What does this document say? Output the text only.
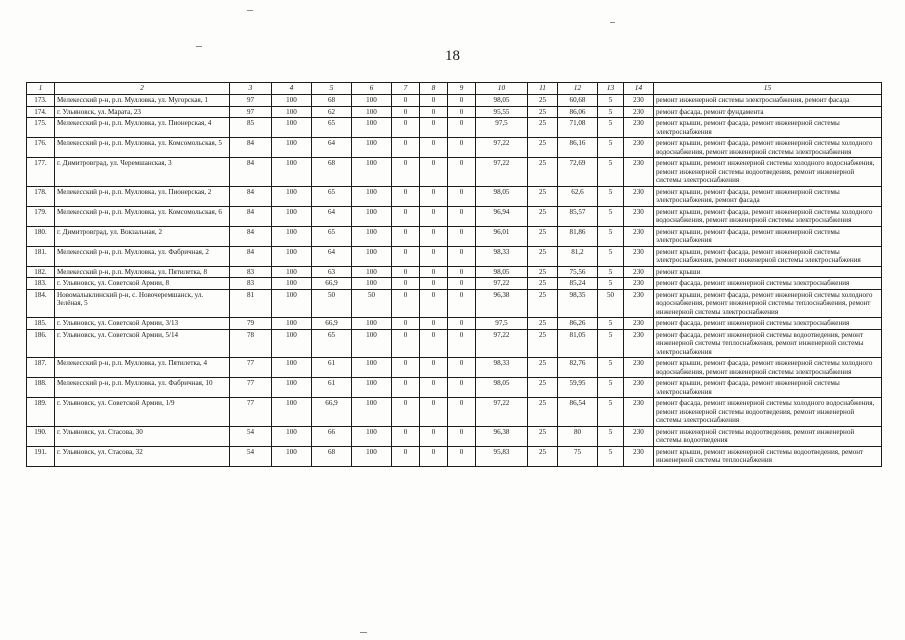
18
1	2	3	4	5	6	7	8	9	10	11	12	13	14	15
173.	Мелекесский р-н, р.п. Мулловка, ул. Мугорская, 1	97	100	68	100	0	0	0	98,05	25	60,68	5	230	ремонт инженерной системы электроснабжения, ремонт фасада
174.	г. Ульяновск, ул. Марата, 23	97	100	62	100	0	0	0	95,55	25	86,06	5	230	ремонт фасада, ремонт фундамента
175.	Мелекесский р-н, р.п. Мулловка, ул. Пионерская, 4	85	100	65	100	0	0	0	97,5	25	71,08	5	230	ремонт крыши, ремонт фасада, ремонт инженерной системы электроснабжения
176.	Мелекесский р-н, р.п. Мулловка, ул. Комсомольская, 5	84	100	64	100	0	0	0	97,22	25	86,16	5	230	ремонт крыши, ремонт фасада, ремонт инженерной системы холодного водоснабжения, ремонт инженерной системы электроснабжения
177.	г. Димитровград, ул. Черемшанская, 3	84	100	68	100	0	0	0	97,22	25	72,69	5	230	ремонт крыши, ремонт инженерной системы холодного водоснабжения, ремонт инженерной системы водоотведения, ремонт инженерной системы электроснабжения
178.	Мелекесский р-н, р.п. Мулловка, ул. Пионерская, 2	84	100	65	100	0	0	0	98,05	25	62,6	5	230	ремонт крыши, ремонт фасада, ремонт инженерной системы электроснабжения, ремонт фасада
179.	Мелекесский р-н, р.п. Мулловка, ул. Комсомольская, 6	84	100	64	100	0	0	0	96,94	25	85,57	5	230	ремонт крыши, ремонт фасада, ремонт инженерной системы холодного водоснабжения, ремонт инженерной системы электроснабжения
180.	г. Димитровград, ул. Вокзальная, 2	84	100	65	100	0	0	0	96,01	25	81,86	5	230	ремонт крыши, ремонт фасада, ремонт инженерной системы электроснабжения
181.	Мелекесский р-н, р.п. Мулловка, ул. Фабричная, 2	84	100	64	100	0	0	0	98,33	25	81,2	5	230	ремонт крыши, ремонт фасада, ремонт инженерной системы электроснабжения, ремонт инженерной системы электроснабжения
182.	Мелекесский р-н, р.п. Мулловка, ул. Пятилетка, 8	83	100	63	100	0	0	0	98,05	25	75,56	5	230	ремонт крыши
183.	г. Ульяновск, ул. Советской Армии, 8	83	100	66,9	100	0	0	0	97,22	25	85,24	5	230	ремонт фасада, ремонт инженерной системы электроснабжения
184.	Новомалыклинский р-н, с. Новочеремшанск, ул. Зелёная, 5	81	100	50	50	0	0	0	96,38	25	98,35	50	230	ремонт крыши, ремонт фасада, ремонт инженерной системы холодного водоснабжения, ремонт инженерной системы теплоснабжения, ремонт инженерной системы электроснабжения
185.	г. Ульяновск, ул. Советской Армии, 3/13	79	100	66,9	100	0	0	0	97,5	25	86,26	5	230	ремонт фасада, ремонт инженерной системы электроснабжения
186.	г. Ульяновск, ул. Советской Армии, 5/14	78	100	65	100	0	0	0	97,22	25	81,05	5	230	ремонт фасада, ремонт инженерной системы водоотведения, ремонт инженерной системы теплоснабжения, ремонт инженерной системы электроснабжения
187.	Мелекесский р-н, р.п. Мулловка, ул. Пятилетка, 4	77	100	61	100	0	0	0	98,33	25	82,76	5	230	ремонт крыши, ремонт фасада, ремонт инженерной системы холодного водоснабжения, ремонт инженерной системы электроснабжения
188.	Мелекесский р-н, р.п. Мулловка, ул. Фабричная, 10	77	100	61	100	0	0	0	98,05	25	59,95	5	230	ремонт крыши, ремонт фасада, ремонт инженерной системы электроснабжения
189.	г. Ульяновск, ул. Советской Армии, 1/9	77	100	66,9	100	0	0	0	97,22	25	86,54	5	230	ремонт фасада, ремонт инженерной системы холодного водоснабжения, ремонт инженерной системы водоотведения, ремонт инженерной системы электроснабжения
190.	г. Ульяновск, ул. Стасова, 30	54	100	66	100	0	0	0	96,38	25	80	5	230	ремонт инженерной системы водоотведения, ремонт инженерной системы водоотведения
191.	г. Ульяновск, ул. Стасова, 32	54	100	68	100	0	0	0	95,83	25	75	5	230	ремонт крыши, ремонт инженерной системы водоотведения, ремонт инженерной системы теплоснабжения
